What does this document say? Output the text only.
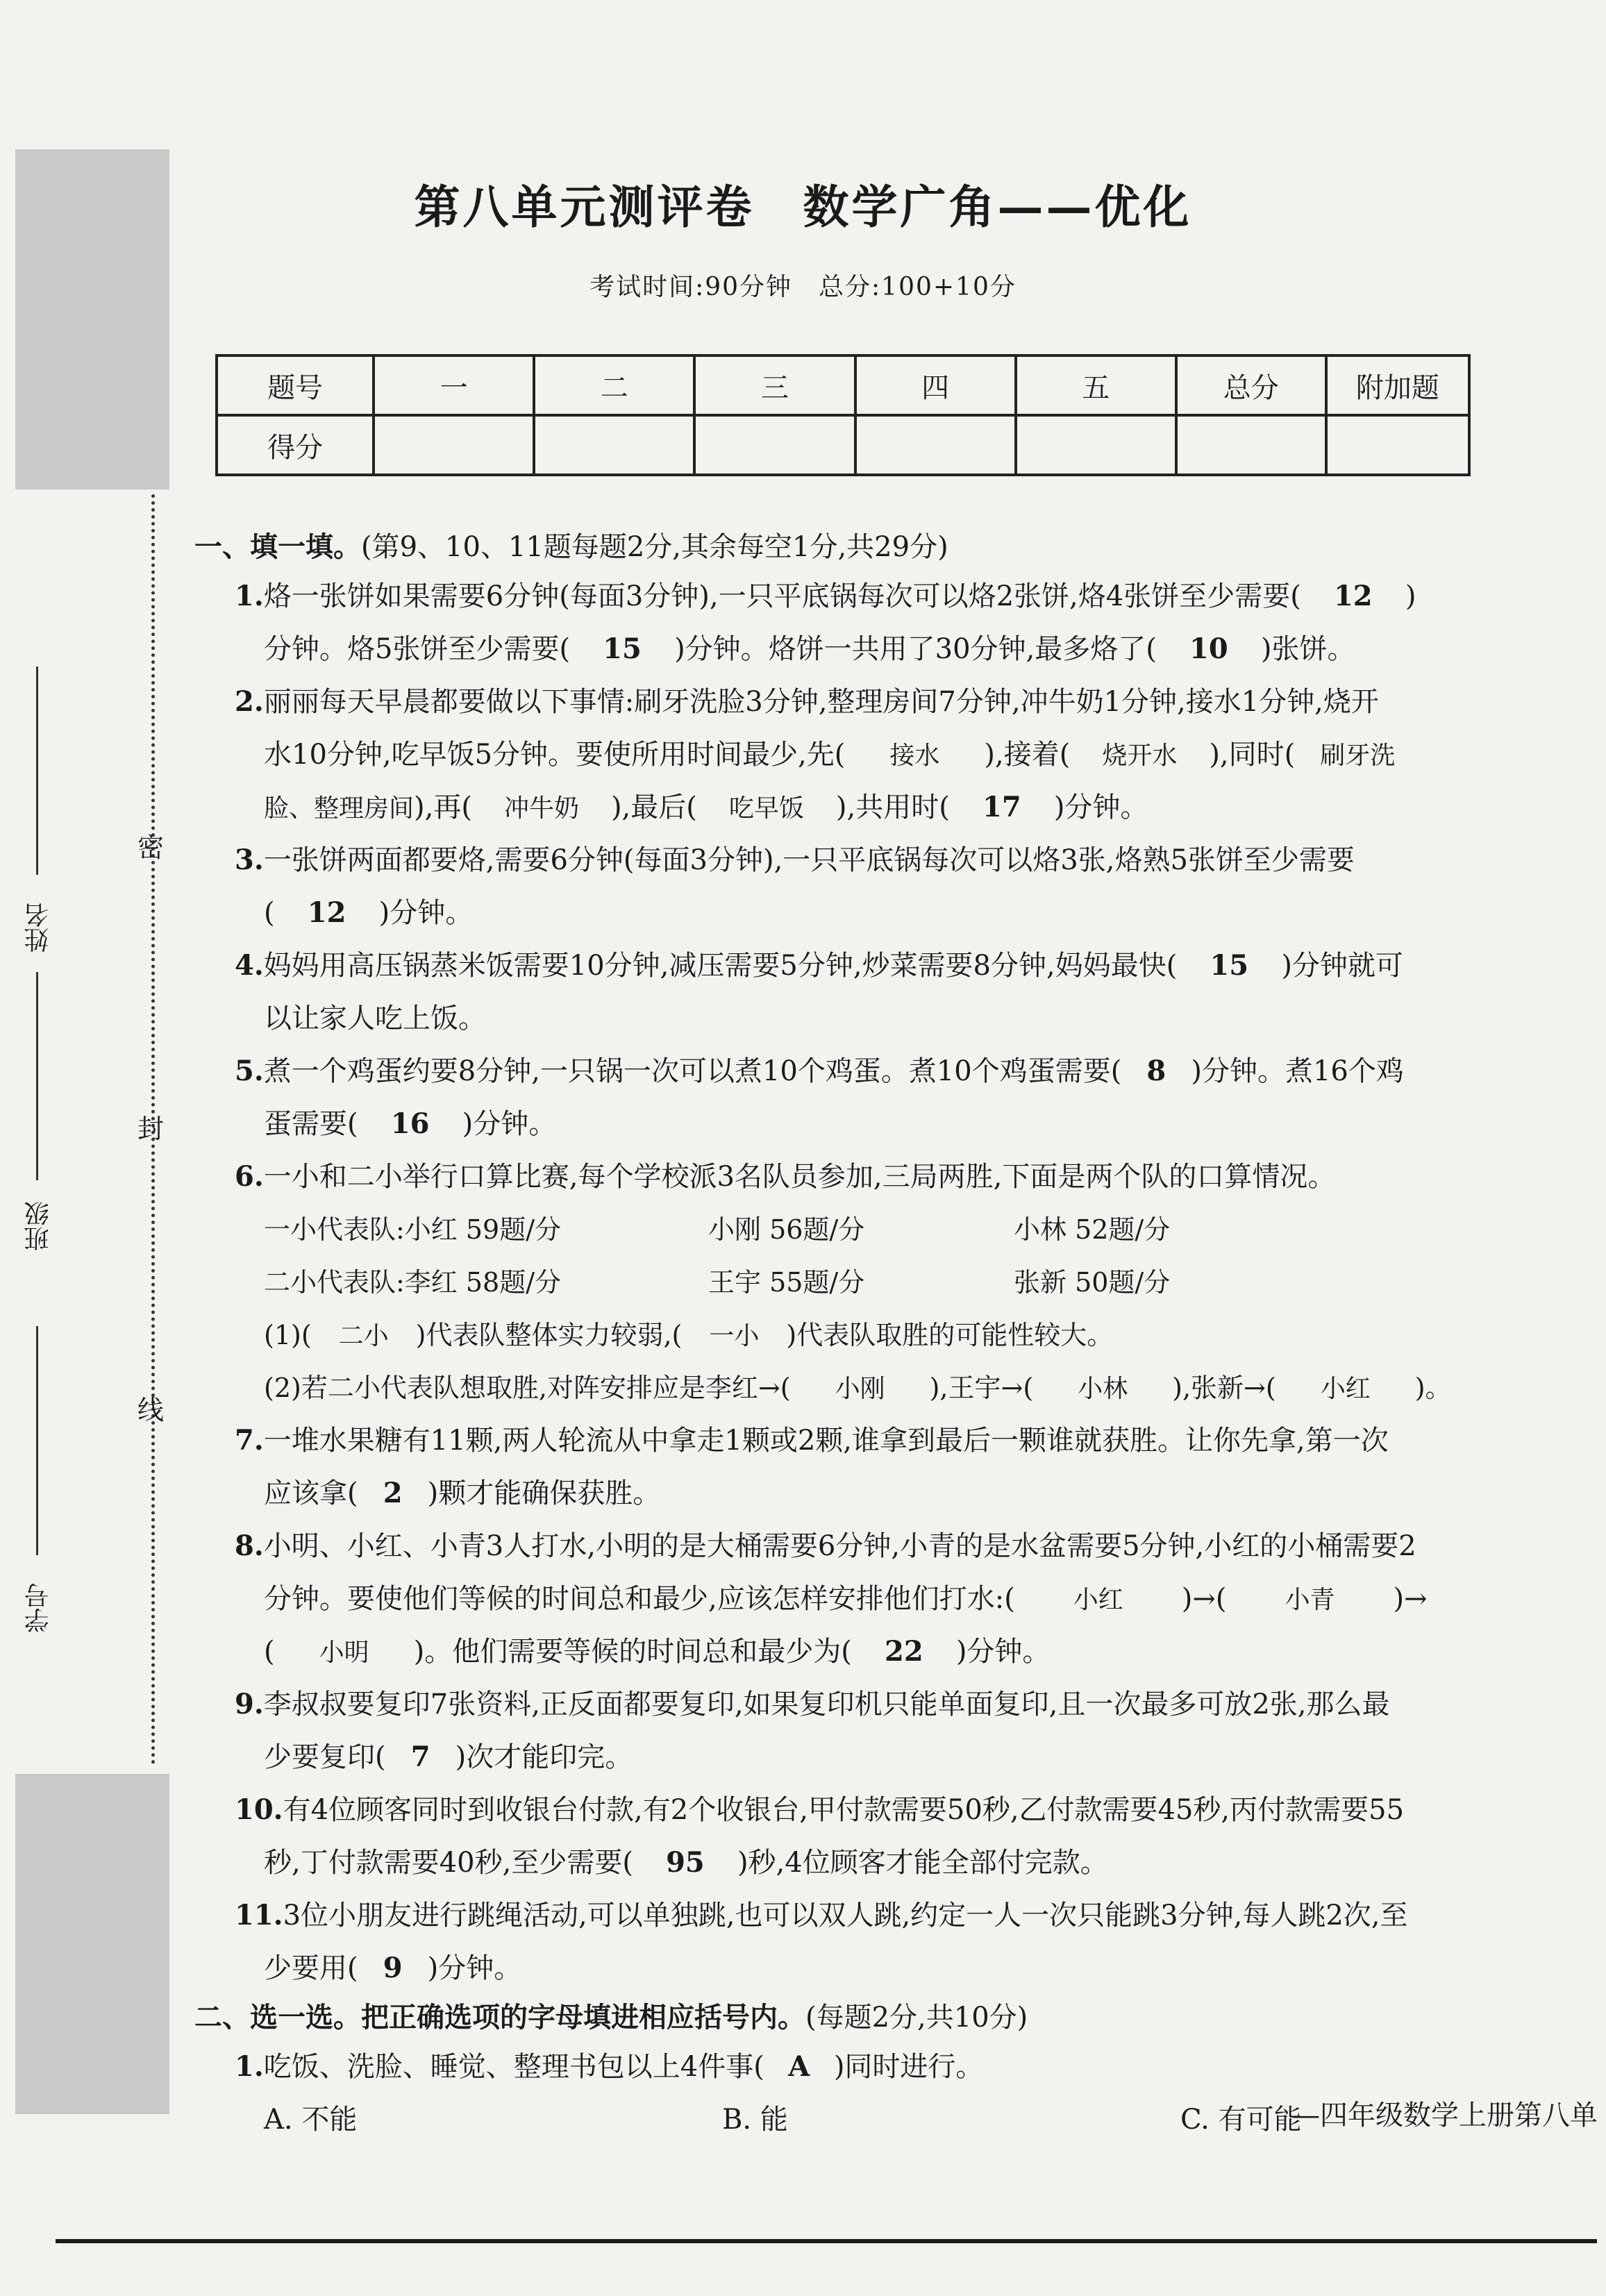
密
封
线
姓名
班级
学号
第八单元测评卷　数学广角——优化
考试时间:90分钟　总分:100+10分
题号	一	二	三	四	五	总分	附加题
得分							
一、填一填。(第9、10、11题每题2分,其余每空1分,共29分)
1.烙一张饼如果需要6分钟(每面3分钟),一只平底锅每次可以烙2张饼,烙4张饼至少需要( 12 )
分钟。烙5张饼至少需要( 15 )分钟。烙饼一共用了30分钟,最多烙了( 10 )张饼。
2.丽丽每天早晨都要做以下事情:刷牙洗脸3分钟,整理房间7分钟,冲牛奶1分钟,接水1分钟,烧开
水10分钟,吃早饭5分钟。要使所用时间最少,先( 接水 ),接着( 烧开水 ),同时( 刷牙洗
脸、整理房间),再( 冲牛奶 ),最后( 吃早饭 ),共用时( 17 )分钟。
3.一张饼两面都要烙,需要6分钟(每面3分钟),一只平底锅每次可以烙3张,烙熟5张饼至少需要
( 12 )分钟。
4.妈妈用高压锅蒸米饭需要10分钟,减压需要5分钟,炒菜需要8分钟,妈妈最快( 15 )分钟就可
以让家人吃上饭。
5.煮一个鸡蛋约要8分钟,一只锅一次可以煮10个鸡蛋。煮10个鸡蛋需要( 8 )分钟。煮16个鸡
蛋需要( 16 )分钟。
6.一小和二小举行口算比赛,每个学校派3名队员参加,三局两胜,下面是两个队的口算情况。
一小代表队:小红 59题/分	小刚 56题/分	小林 52题/分
二小代表队:李红 58题/分	王宇 55题/分	张新 50题/分
(1)( 二小 )代表队整体实力较弱,( 一小 )代表队取胜的可能性较大。
(2)若二小代表队想取胜,对阵安排应是李红→( 小刚 ),王宇→( 小林 ),张新→( 小红 )。
7.一堆水果糖有11颗,两人轮流从中拿走1颗或2颗,谁拿到最后一颗谁就获胜。让你先拿,第一次
应该拿( 2 )颗才能确保获胜。
8.小明、小红、小青3人打水,小明的是大桶需要6分钟,小青的是水盆需要5分钟,小红的小桶需要2
分钟。要使他们等候的时间总和最少,应该怎样安排他们打水:( 小红 )→( 小青 )→
( 小明 )。他们需要等候的时间总和最少为( 22 )分钟。
9.李叔叔要复印7张资料,正反面都要复印,如果复印机只能单面复印,且一次最多可放2张,那么最
少要复印( 7 )次才能印完。
10.有4位顾客同时到收银台付款,有2个收银台,甲付款需要50秒,乙付款需要45秒,丙付款需要55
秒,丁付款需要40秒,至少需要( 95 )秒,4位顾客才能全部付完款。
11.3位小朋友进行跳绳活动,可以单独跳,也可以双人跳,约定一人一次只能跳3分钟,每人跳2次,至
少要用( 9 )分钟。
二、选一选。把正确选项的字母填进相应括号内。(每题2分,共10分)
1.吃饭、洗脸、睡觉、整理书包以上4件事( A )同时进行。
A. 不能	B. 能	C. 有可能
—四年级数学上册第八单
